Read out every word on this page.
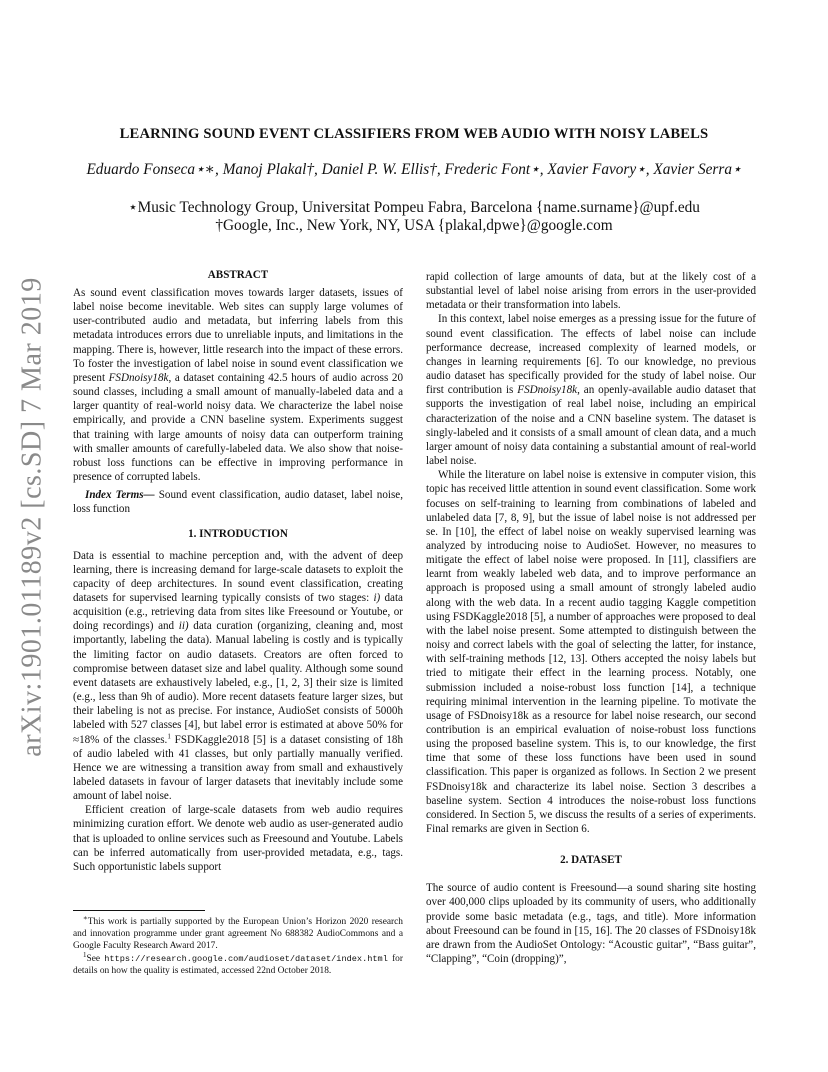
arXiv:1901.01189v2 [cs.SD] 7 Mar 2019
LEARNING SOUND EVENT CLASSIFIERS FROM WEB AUDIO WITH NOISY LABELS
Eduardo Fonseca⋆∗, Manoj Plakal†, Daniel P. W. Ellis†, Frederic Font⋆, Xavier Favory⋆, Xavier Serra⋆
⋆Music Technology Group, Universitat Pompeu Fabra, Barcelona {name.surname}@upf.edu
†Google, Inc., New York, NY, USA {plakal,dpwe}@google.com
ABSTRACT

As sound event classification moves towards larger datasets, issues of label noise become inevitable. Web sites can supply large volumes of user-contributed audio and metadata, but inferring labels from this metadata introduces errors due to unreliable inputs, and limitations in the mapping. There is, however, little research into the impact of these errors. To foster the investigation of label noise in sound event classification we present FSDnoisy18k, a dataset containing 42.5 hours of audio across 20 sound classes, including a small amount of manually-labeled data and a larger quantity of real-world noisy data. We characterize the label noise empirically, and provide a CNN baseline system. Experiments suggest that training with large amounts of noisy data can outperform training with smaller amounts of carefully-labeled data. We also show that noise-robust loss functions can be effective in improving performance in presence of corrupted labels.

Index Terms— Sound event classification, audio dataset, label noise, loss function

1. INTRODUCTION

Data is essential to machine perception and, with the advent of deep learning, there is increasing demand for large-scale datasets to exploit the capacity of deep architectures. In sound event classification, creating datasets for supervised learning typically consists of two stages: i) data acquisition (e.g., retrieving data from sites like Freesound or Youtube, or doing recordings) and ii) data curation (organizing, cleaning and, most importantly, labeling the data). Manual labeling is costly and is typically the limiting factor on audio datasets. Creators are often forced to compromise between dataset size and label quality. Although some sound event datasets are exhaustively labeled, e.g., [1, 2, 3] their size is limited (e.g., less than 9h of audio). More recent datasets feature larger sizes, but their labeling is not as precise. For instance, AudioSet consists of 5000h labeled with 527 classes [4], but label error is estimated at above 50% for ≈18% of the classes.$^1$ FSDKaggle2018 [5] is a dataset consisting of 18h of audio labeled with 41 classes, but only partially manually verified. Hence we are witnessing a transition away from small and exhaustively labeled datasets in favour of larger datasets that inevitably include some amount of label noise.

Efficient creation of large-scale datasets from web audio requires minimizing curation effort. We denote web audio as user-generated audio that is uploaded to online services such as Freesound and Youtube. Labels can be inferred automatically from user-provided metadata, e.g., tags. Such opportunistic labels support

rapid collection of large amounts of data, but at the likely cost of a substantial level of label noise arising from errors in the user-provided metadata or their transformation into labels.

In this context, label noise emerges as a pressing issue for the future of sound event classification. The effects of label noise can include performance decrease, increased complexity of learned models, or changes in learning requirements [6]. To our knowledge, no previous audio dataset has specifically provided for the study of label noise. Our first contribution is FSDnoisy18k, an openly-available audio dataset that supports the investigation of real label noise, including an empirical characterization of the noise and a CNN baseline system. The dataset is singly-labeled and it consists of a small amount of clean data, and a much larger amount of noisy data containing a substantial amount of real-world label noise.

While the literature on label noise is extensive in computer vision, this topic has received little attention in sound event classification. Some work focuses on self-training to learning from combinations of labeled and unlabeled data [7, 8, 9], but the issue of label noise is not addressed per se. In [10], the effect of label noise on weakly supervised learning was analyzed by introducing noise to AudioSet. However, no measures to mitigate the effect of label noise were proposed. In [11], classifiers are learnt from weakly labeled web data, and to improve performance an approach is proposed using a small amount of strongly labeled audio along with the web data. In a recent audio tagging Kaggle competition using FSDKaggle2018 [5], a number of approaches were proposed to deal with the label noise present. Some attempted to distinguish between the noisy and correct labels with the goal of selecting the latter, for instance, with self-training methods [12, 13]. Others accepted the noisy labels but tried to mitigate their effect in the learning process. Notably, one submission included a noise-robust loss function [14], a technique requiring minimal intervention in the learning pipeline. To motivate the usage of FSDnoisy18k as a resource for label noise research, our second contribution is an empirical evaluation of noise-robust loss functions using the proposed baseline system. This is, to our knowledge, the first time that some of these loss functions have been used in sound classification. This paper is organized as follows. In Section 2 we present FSDnoisy18k and characterize its label noise. Section 3 describes a baseline system. Section 4 introduces the noise-robust loss functions considered. In Section 5, we discuss the results of a series of experiments. Final remarks are given in Section 6.

2. DATASET

The source of audio content is Freesound—a sound sharing site hosting over 400,000 clips uploaded by its community of users, who additionally provide some basic metadata (e.g., tags, and title). More information about Freesound can be found in [15, 16]. The 20 classes of FSDnoisy18k are drawn from the AudioSet Ontology: “Acoustic guitar”, “Bass guitar”, “Clapping”, “Coin (dropping)”,

∗This work is partially supported by the European Union’s Horizon 2020 research and innovation programme under grant agreement No 688382 AudioCommons and a Google Faculty Research Award 2017.

$^1$See https://research.google.com/audioset/dataset/index.html for details on how the quality is estimated, accessed 22nd October 2018.
